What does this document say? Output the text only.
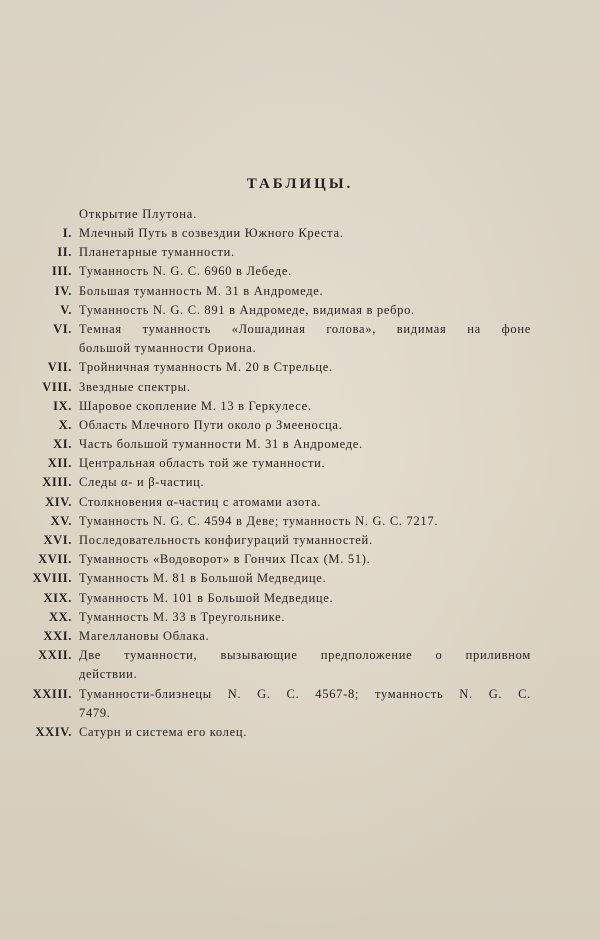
ТАБЛИЦЫ.
Открытие Плутона.
I. Млечный Путь в созвездии Южного Креста.
II. Планетарные туманности.
III. Туманность N. G. C. 6960 в Лебеде.
IV. Большая туманность М. 31 в Андромеде.
V. Туманность N. G. C. 891 в Андромеде, видимая в ребро.
VI. Темная туманность «Лошадиная голова», видимая на фоне
большой туманности Ориона.
VII. Тройничная туманность М. 20 в Стрельце.
VIII. Звездные спектры.
IX. Шаровое скопление М. 13 в Геркулесе.
X. Область Млечного Пути около ρ Змееносца.
XI. Часть большой туманности М. 31 в Андромеде.
XII. Центральная область той же туманности.
XIII. Следы α- и β-частиц.
XIV. Столкновения α-частиц с атомами азота.
XV. Туманность N. G. C. 4594 в Деве; туманность N. G. C. 7217.
XVI. Последовательность конфигураций туманностей.
XVII. Туманность «Водоворот» в Гончих Псах (М. 51).
XVIII. Туманность М. 81 в Большой Медведице.
XIX. Туманность М. 101 в Большой Медведице.
XX. Туманность М. 33 в Треугольнике.
XXI. Магеллановы Облака.
XXII. Две туманности, вызывающие предположение о приливном
действии.
XXIII. Туманности-близнецы N. G. C. 4567-8; туманность N. G. C.
7479.
XXIV. Сатурн и система его колец.
